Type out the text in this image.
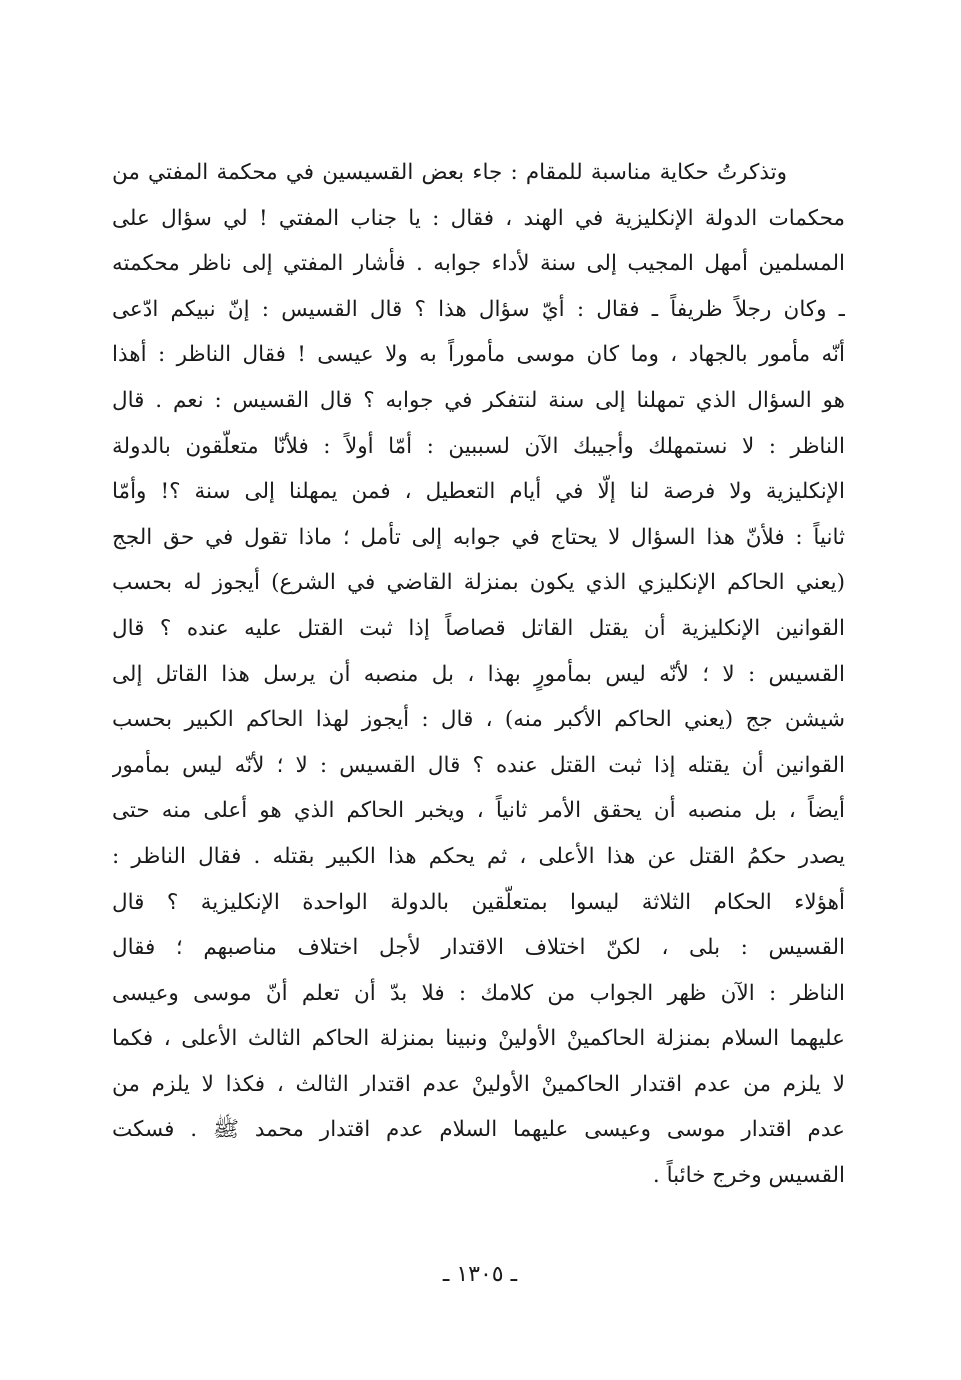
وتذكرتُ حكاية مناسبة للمقام : جاء بعض القسيسين في محكمة المفتي من
محكمات الدولة الإنكليزية في الهند ، فقال : يا جناب المفتي ! لي سؤال على
المسلمين أمهل المجيب إلى سنة لأداء جوابه . فأشار المفتي إلى ناظر محكمته
ـ وكان رجلاً ظريفاً ـ فقال : أيّ سؤال هذا ؟ قال القسيس : إنّ نبيكم ادّعى
أنّه مأمور بالجهاد ، وما كان موسى مأموراً به ولا عيسى ! فقال الناظر : أهذا
هو السؤال الذي تمهلنا إلى سنة لنتفكر في جوابه ؟ قال القسيس : نعم . قال
الناظر : لا نستمهلك وأجيبك الآن لسببين : أمّا أولاً : فلأنّا متعلّقون بالدولة
الإنكليزية ولا فرصة لنا إلّا في أيام التعطيل ، فمن يمهلنا إلى سنة ؟! وأمّا
ثانياً : فلأنّ هذا السؤال لا يحتاج في جوابه إلى تأمل ؛ ماذا تقول في حق الجج
(يعني الحاكم الإنكليزي الذي يكون بمنزلة القاضي في الشرع) أيجوز له بحسب
القوانين الإنكليزية أن يقتل القاتل قصاصاً إذا ثبت القتل عليه عنده ؟ قال
القسيس : لا ؛ لأنّه ليس بمأمورٍ بهذا ، بل منصبه أن يرسل هذا القاتل إلى
شيشن جج (يعني الحاكم الأكبر منه) ، قال : أيجوز لهذا الحاكم الكبير بحسب
القوانين أن يقتله إذا ثبت القتل عنده ؟ قال القسيس : لا ؛ لأنّه ليس بمأمور
أيضاً ، بل منصبه أن يحقق الأمر ثانياً ، ويخبر الحاكم الذي هو أعلى منه حتى
يصدر حكمُ القتل عن هذا الأعلى ، ثم يحكم هذا الكبير بقتله . فقال الناظر :
أهؤلاء الحكام الثلاثة ليسوا بمتعلّقين بالدولة الواحدة الإنكليزية ؟ قال
القسيس : بلى ، لكنّ اختلاف الاقتدار لأجل اختلاف مناصبهم ؛ فقال
الناظر : الآن ظهر الجواب من كلامك : فلا بدّ أن تعلم أنّ موسى وعيسى
عليهما السلام بمنزلة الحاكمينْ الأولينْ ونبينا بمنزلة الحاكم الثالث الأعلى ، فكما
لا يلزم من عدم اقتدار الحاكمينْ الأولينْ عدم اقتدار الثالث ، فكذا لا يلزم من
عدم اقتدار موسى وعيسى عليهما السلام عدم اقتدار محمد ﷺ . فسكت
القسيس وخرج خائباً .
ـ ١٣٠٥ ـ
